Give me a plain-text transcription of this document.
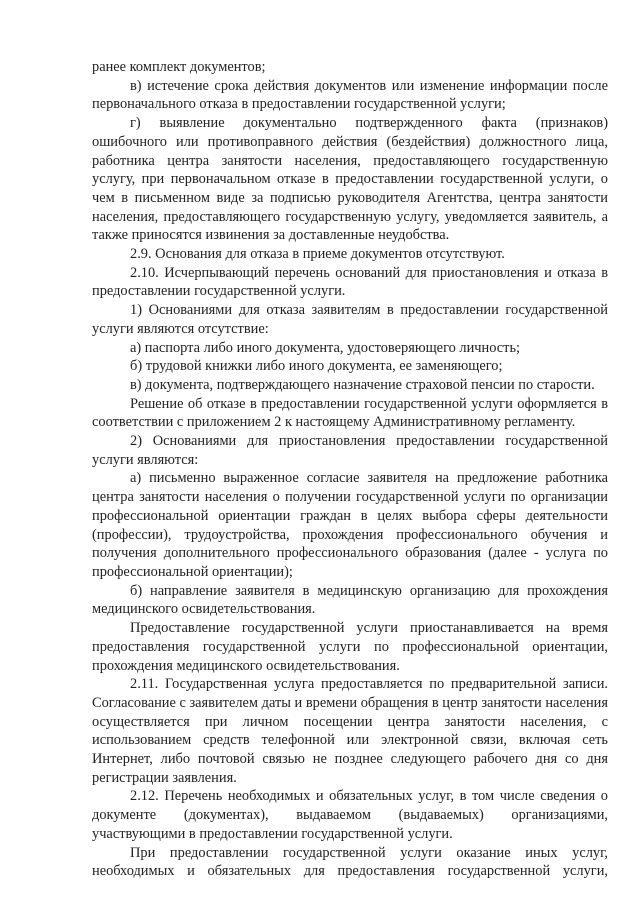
ранее комплект документов;

в) истечение срока действия документов или изменение информации после первоначального отказа в предоставлении государственной услуги;

г) выявление документально подтвержденного факта (признаков) ошибочного или противоправного действия (бездействия) должностного лица, работника центра занятости населения, предоставляющего государственную услугу, при первоначальном отказе в предоставлении государственной услуги, о чем в письменном виде за подписью руководителя Агентства, центра занятости населения, предоставляющего государственную услугу, уведомляется заявитель, а также приносятся извинения за доставленные неудобства.

2.9. Основания для отказа в приеме документов отсутствуют.

2.10. Исчерпывающий перечень оснований для приостановления и отказа в предоставлении государственной услуги.

1) Основаниями для отказа заявителям в предоставлении государственной услуги являются отсутствие:

а) паспорта либо иного документа, удостоверяющего личность;

б) трудовой книжки либо иного документа, ее заменяющего;

в) документа, подтверждающего назначение страховой пенсии по старости.

Решение об отказе в предоставлении государственной услуги оформляется в соответствии с приложением 2 к настоящему Административному регламенту.

2) Основаниями для приостановления предоставлении государственной услуги являются:

а) письменно выраженное согласие заявителя на предложение работника центра занятости населения о получении государственной услуги по организации профессиональной ориентации граждан в целях выбора сферы деятельности (профессии), трудоустройства, прохождения профессионального обучения и получения дополнительного профессионального образования (далее - услуга по профессиональной ориентации);

б) направление заявителя в медицинскую организацию для прохождения медицинского освидетельствования.

Предоставление государственной услуги приостанавливается на время предоставления государственной услуги по профессиональной ориентации, прохождения медицинского освидетельствования.

2.11. Государственная услуга предоставляется по предварительной записи. Согласование с заявителем даты и времени обращения в центр занятости населения осуществляется при личном посещении центра занятости населения, с использованием средств телефонной или электронной связи, включая сеть Интернет, либо почтовой связью не позднее следующего рабочего дня со дня регистрации заявления.

2.12. Перечень необходимых и обязательных услуг, в том числе сведения о документе (документах), выдаваемом (выдаваемых) организациями, участвующими в предоставлении государственной услуги.

При предоставлении государственной услуги оказание иных услуг, необходимых и обязательных для предоставления государственной услуги,
